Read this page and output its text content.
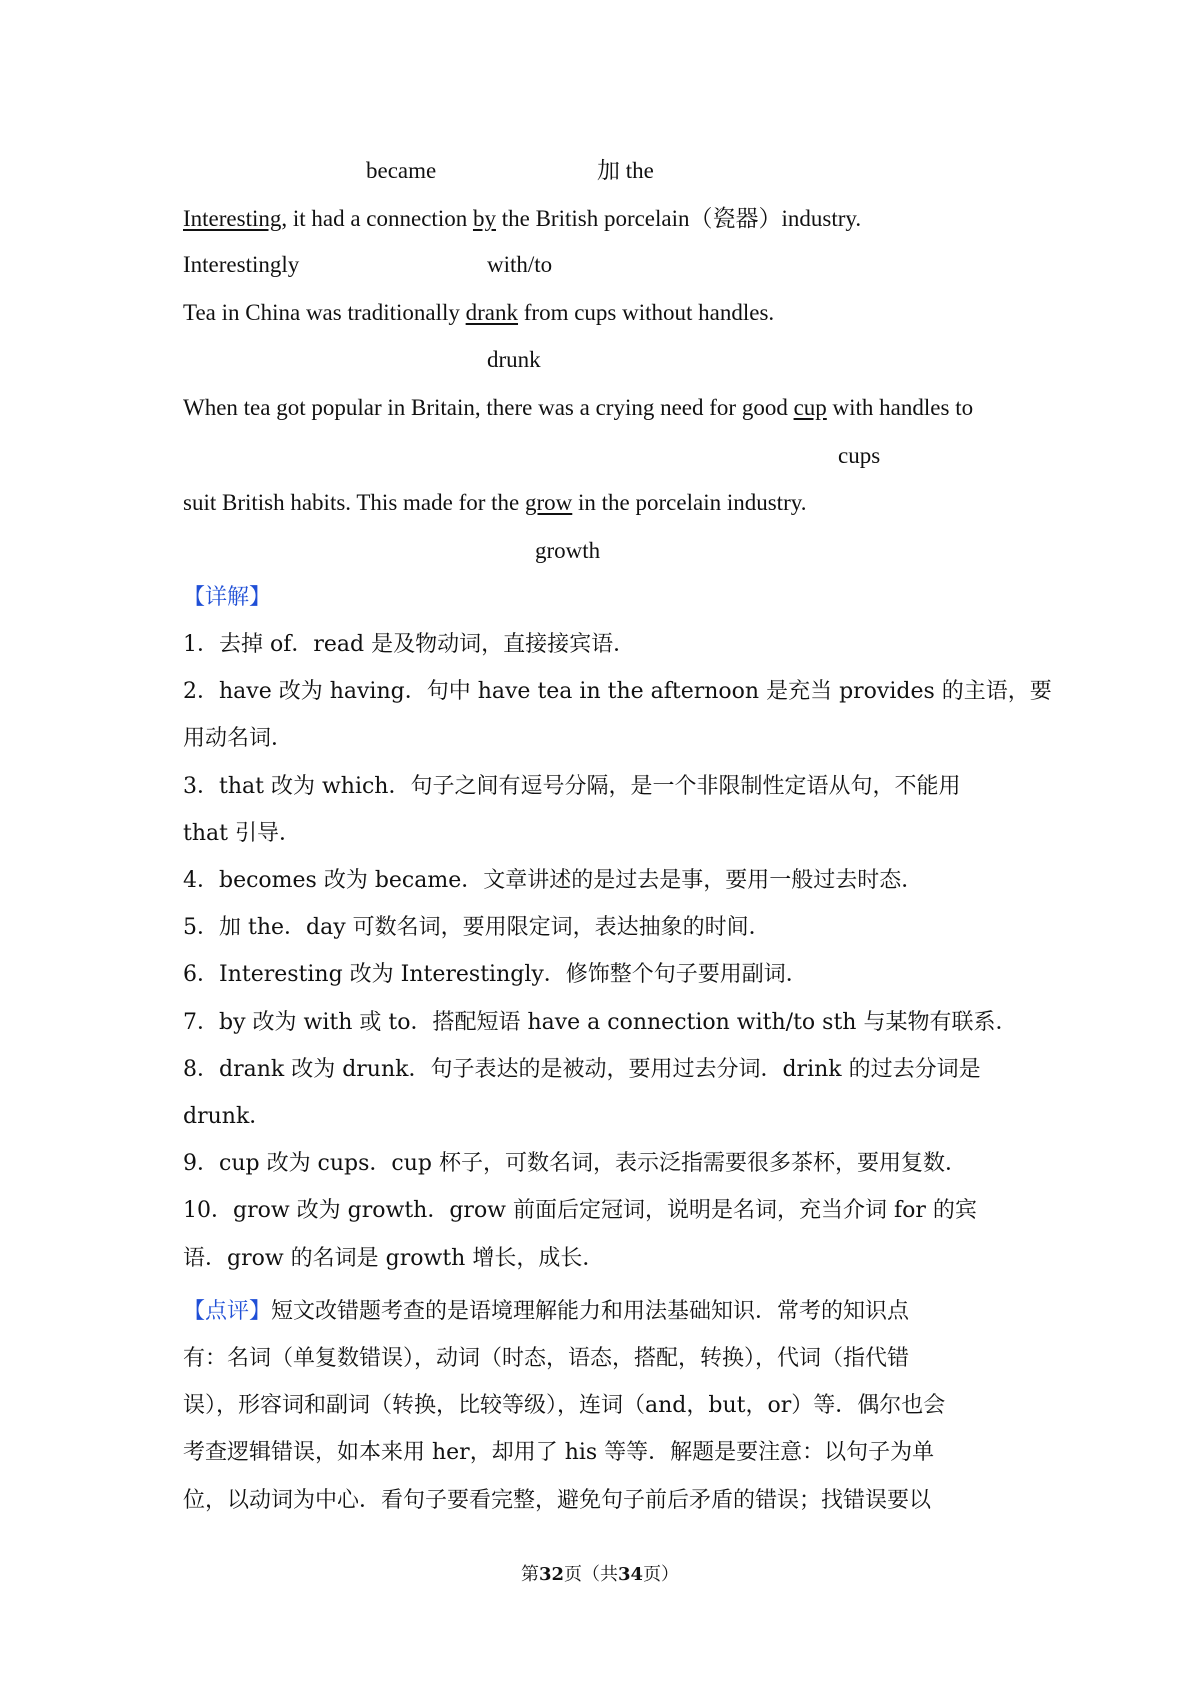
became	加 the
Interesting, it had a connection by the British porcelain（瓷器）industry.
Interestingly	with/to
Tea in China was traditionally drank from cups without handles.
drunk
When tea got popular in Britain, there was a crying need for good cup with handles to
cups
suit British habits. This made for the grow in the porcelain industry.
growth
【详解】
1．去掉 of．read 是及物动词，直接接宾语．
2．have 改为 having．句中 have tea in the afternoon 是充当 provides 的主语，要
用动名词．
3．that 改为 which．句子之间有逗号分隔，是一个非限制性定语从句，不能用
that 引导．
4．becomes 改为 became．文章讲述的是过去是事，要用一般过去时态．
5．加 the．day 可数名词，要用限定词，表达抽象的时间．
6．Interesting 改为 Interestingly．修饰整个句子要用副词．
7．by 改为 with 或 to．搭配短语 have a connection with/to sth 与某物有联系．
8．drank 改为 drunk．句子表达的是被动，要用过去分词．drink 的过去分词是
drunk．
9．cup 改为 cups．cup 杯子，可数名词，表示泛指需要很多茶杯，要用复数．
10．grow 改为 growth．grow 前面后定冠词，说明是名词，充当介词 for 的宾
语．grow 的名词是 growth 增长，成长．
【点评】短文改错题考查的是语境理解能力和用法基础知识．常考的知识点
有：名词（单复数错误），动词（时态，语态，搭配，转换），代词（指代错
误），形容词和副词（转换，比较等级），连词（and，but，or）等．偶尔也会
考查逻辑错误，如本来用 her，却用了 his 等等．解题是要注意：以句子为单
位，以动词为中心．看句子要看完整，避免句子前后矛盾的错误；找错误要以
第32页（共34页）
